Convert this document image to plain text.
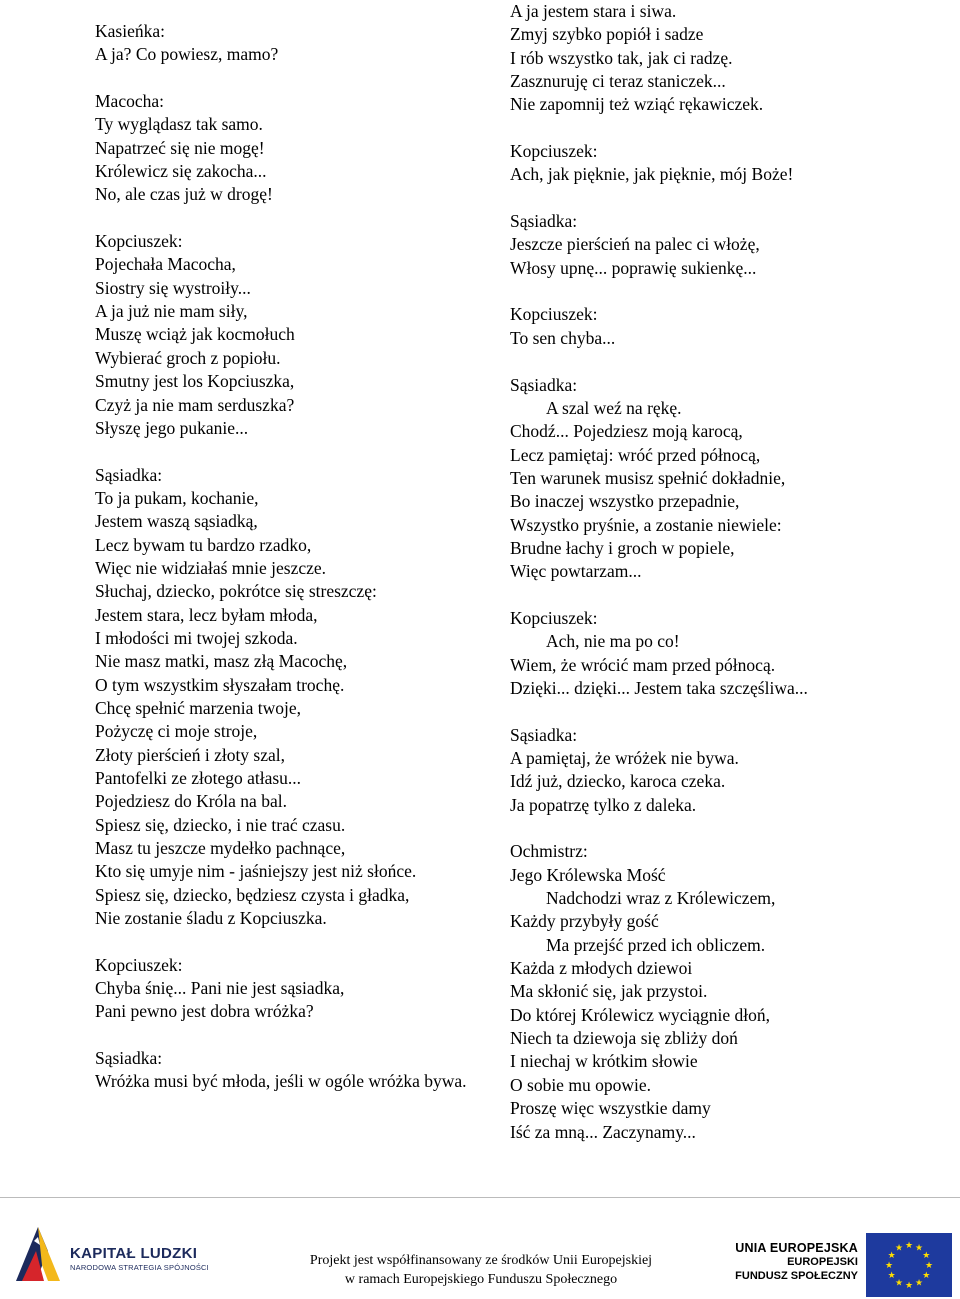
Kasieńka:
A ja? Co powiesz, mamo?
Macocha:
Ty wyglądasz tak samo.
Napatrzeć się nie mogę!
Królewicz się zakocha...
No, ale czas już w drogę!
Kopciuszek:
Pojechała Macocha,
Siostry się wystroiły...
A ja już nie mam siły,
Muszę wciąż jak kocmołuch
Wybierać groch z popiołu.
Smutny jest los Kopciuszka,
Czyż ja nie mam serduszka?
Słyszę jego pukanie...
Sąsiadka:
To ja pukam, kochanie,
Jestem waszą sąsiadką,
Lecz bywam tu bardzo rzadko,
Więc nie widziałaś mnie jeszcze.
Słuchaj, dziecko, pokrótce się streszczę:
Jestem stara, lecz byłam młoda,
I młodości mi twojej szkoda.
Nie masz matki, masz złą Macochę,
O tym wszystkim słyszałam trochę.
Chcę spełnić marzenia twoje,
Pożyczę ci moje stroje,
Złoty pierścień i złoty szal,
Pantofelki ze złotego atłasu...
Pojedziesz do Króla na bal.
Spiesz się, dziecko, i nie trać czasu.
Masz tu jeszcze mydełko pachnące,
Kto się umyje nim - jaśniejszy jest niż słońce.
Spiesz się, dziecko, będziesz czysta i gładka,
Nie zostanie śladu z Kopciuszka.
Kopciuszek:
Chyba śnię... Pani nie jest sąsiadka,
Pani pewno jest dobra wróżka?
Sąsiadka:
Wróżka musi być młoda, jeśli w ogóle wróżka bywa.
A ja jestem stara i siwa.
Zmyj szybko popiół i sadze
I rób wszystko tak, jak ci radzę.
Zasznuruję ci teraz staniczek...
Nie zapomnij też wziąć rękawiczek.
Kopciuszek:
Ach, jak pięknie, jak pięknie, mój Boże!
Sąsiadka:
Jeszcze pierścień na palec ci włożę,
Włosy upnę... poprawię sukienkę...
Kopciuszek:
To sen chyba...
Sąsiadka:
A szal weź na rękę.
Chodź... Pojedziesz moją karocą,
Lecz pamiętaj: wróć przed północą,
Ten warunek musisz spełnić dokładnie,
Bo inaczej wszystko przepadnie,
Wszystko pryśnie, a zostanie niewiele:
Brudne łachy i groch w popiele,
Więc powtarzam...
Kopciuszek:
Ach, nie ma po co!
Wiem, że wrócić mam przed północą.
Dzięki... dzięki... Jestem taka szczęśliwa...
Sąsiadka:
A pamiętaj, że wróżek nie bywa.
Idź już, dziecko, karoca czeka.
Ja popatrzę tylko z daleka.
Ochmistrz:
Jego Królewska Mość
Nadchodzi wraz z Królewiczem,
Każdy przybyły gość
Ma przejść przed ich obliczem.
Każda z młodych dziewoi
Ma skłonić się, jak przystoi.
Do której Królewicz wyciągnie dłoń,
Niech ta dziewoja się zbliży doń
I niechaj w krótkim słowie
O sobie mu opowie.
Proszę więc wszystkie damy
Iść za mną... Zaczynamy...
KAPITAŁ LUDZKI
NARODOWA STRATEGIA SPÓJNOŚCI	Projekt jest współfinansowany ze środków Unii Europejskiej
w ramach Europejskiego Funduszu Społecznego
UNIA EUROPEJSKA
EUROPEJSKI
FUNDUSZ SPOŁECZNY
★ ★
★
★
★
★
★
★
★
★
★
★
